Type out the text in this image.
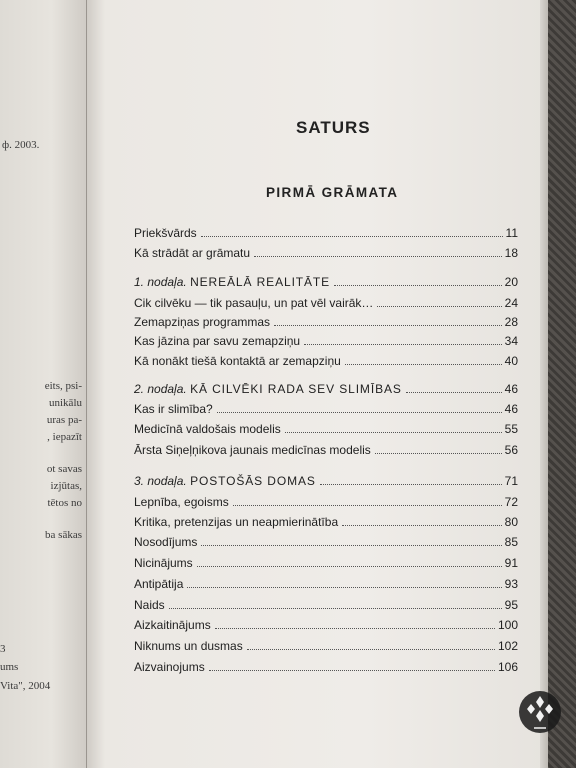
ф. 2003.
eits, psi-
unikālu
uras pa-
, iepazīt
ot savas
izjūtas,
tētos no
ba sākas
3
ums
Vita", 2004
SATURS
PIRMĀ GRĀMATA
Priekšvārds	11
Kā strādāt ar grāmatu	18
1. nodaļa. NEREĀLĀ REALITĀTE	20
Cik cilvēku — tik pasauļu, un pat vēl vairāk…	24
Zemapziņas programmas	28
Kas jāzina par savu zemapziņu	34
Kā nonākt tiešā kontaktā ar zemapziņu	40
2. nodaļa. KĀ CILVĒKI RADA SEV SLIMĪBAS	46
Kas ir slimība?	46
Medicīnā valdošais modelis	55
Ārsta Siņeļņikova jaunais medicīnas modelis	56
3. nodaļa. POSTOŠĀS DOMAS	71
Lepnība, egoisms	72
Kritika, pretenzijas un neapmierinātība	80
Nosodījums	85
Nicinājums	91
Antipātija	93
Naids	95
Aizkaitinājums	100
Niknums un dusmas	102
Aizvainojums	106
